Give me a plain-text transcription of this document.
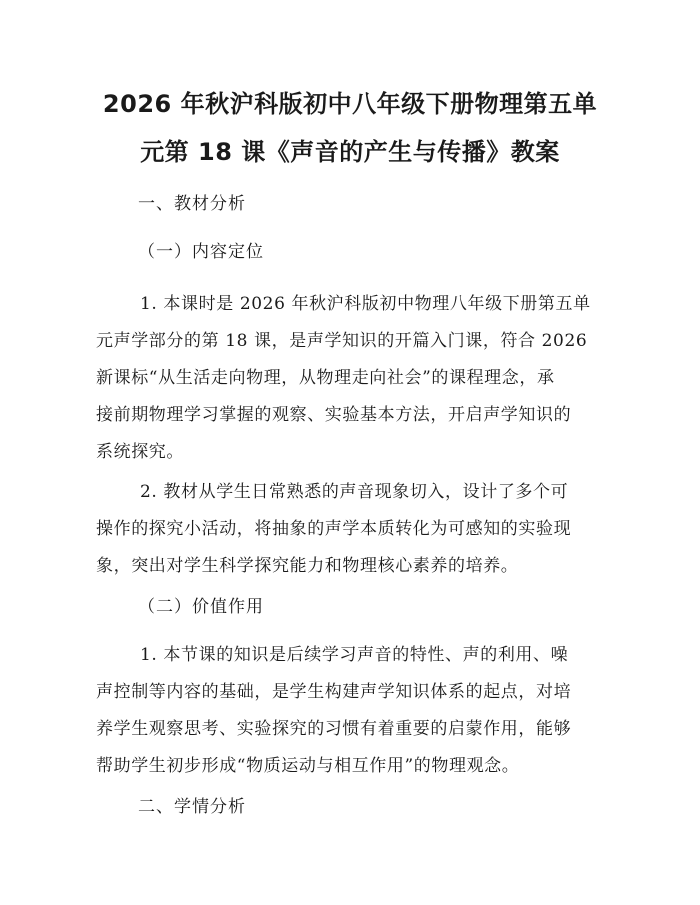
2026 年秋沪科版初中八年级下册物理第五单
元第 18 课《声音的产生与传播》教案

一、教材分析

（一）内容定位

1. 本课时是 2026 年秋沪科版初中物理八年级下册第五单
元声学部分的第 18 课，是声学知识的开篇入门课，符合 2026
新课标“从生活走向物理，从物理走向社会”的课程理念，承
接前期物理学习掌握的观察、实验基本方法，开启声学知识的
系统探究。

2. 教材从学生日常熟悉的声音现象切入，设计了多个可
操作的探究小活动，将抽象的声学本质转化为可感知的实验现
象，突出对学生科学探究能力和物理核心素养的培养。

（二）价值作用

1. 本节课的知识是后续学习声音的特性、声的利用、噪
声控制等内容的基础，是学生构建声学知识体系的起点，对培
养学生观察思考、实验探究的习惯有着重要的启蒙作用，能够
帮助学生初步形成“物质运动与相互作用”的物理观念。

二、学情分析
